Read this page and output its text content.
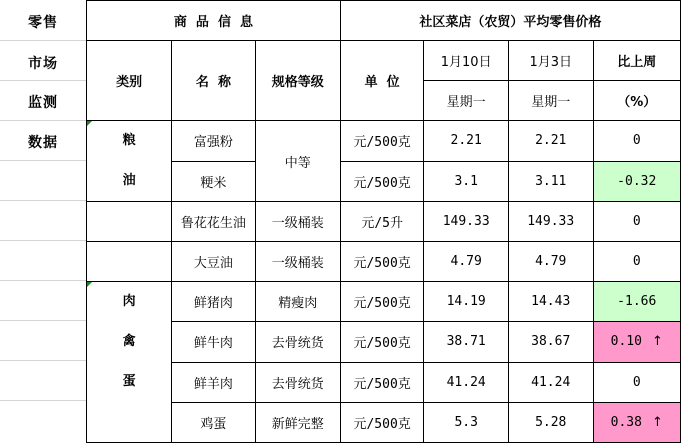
零售
市场
监测
数据
商  品  信  息			社区菜店（农贸）平均零售价格			
类别	名  称	规格等级	单  位	1月10日	1月3日	比上周
				星期一	星期一	（%）

粮
油	富强粉	中等	元/500克	2.21	2.21	0
	粳米		元/500克	3.1	3.11	-0.32
	鲁花花生油	一级桶装	元/5升	149.33	149.33	0
	大豆油	一级桶装	元/500克	4.79	4.79	0

肉
禽
蛋	鲜猪肉	精瘦肉	元/500克	14.19	14.43	-1.66
	鲜牛肉	去骨统货	元/500克	38.71	38.67	0.10 ↑
	鲜羊肉	去骨统货	元/500克	41.24	41.24	0
	鸡蛋	新鲜完整	元/500克	5.3	5.28	0.38 ↑
